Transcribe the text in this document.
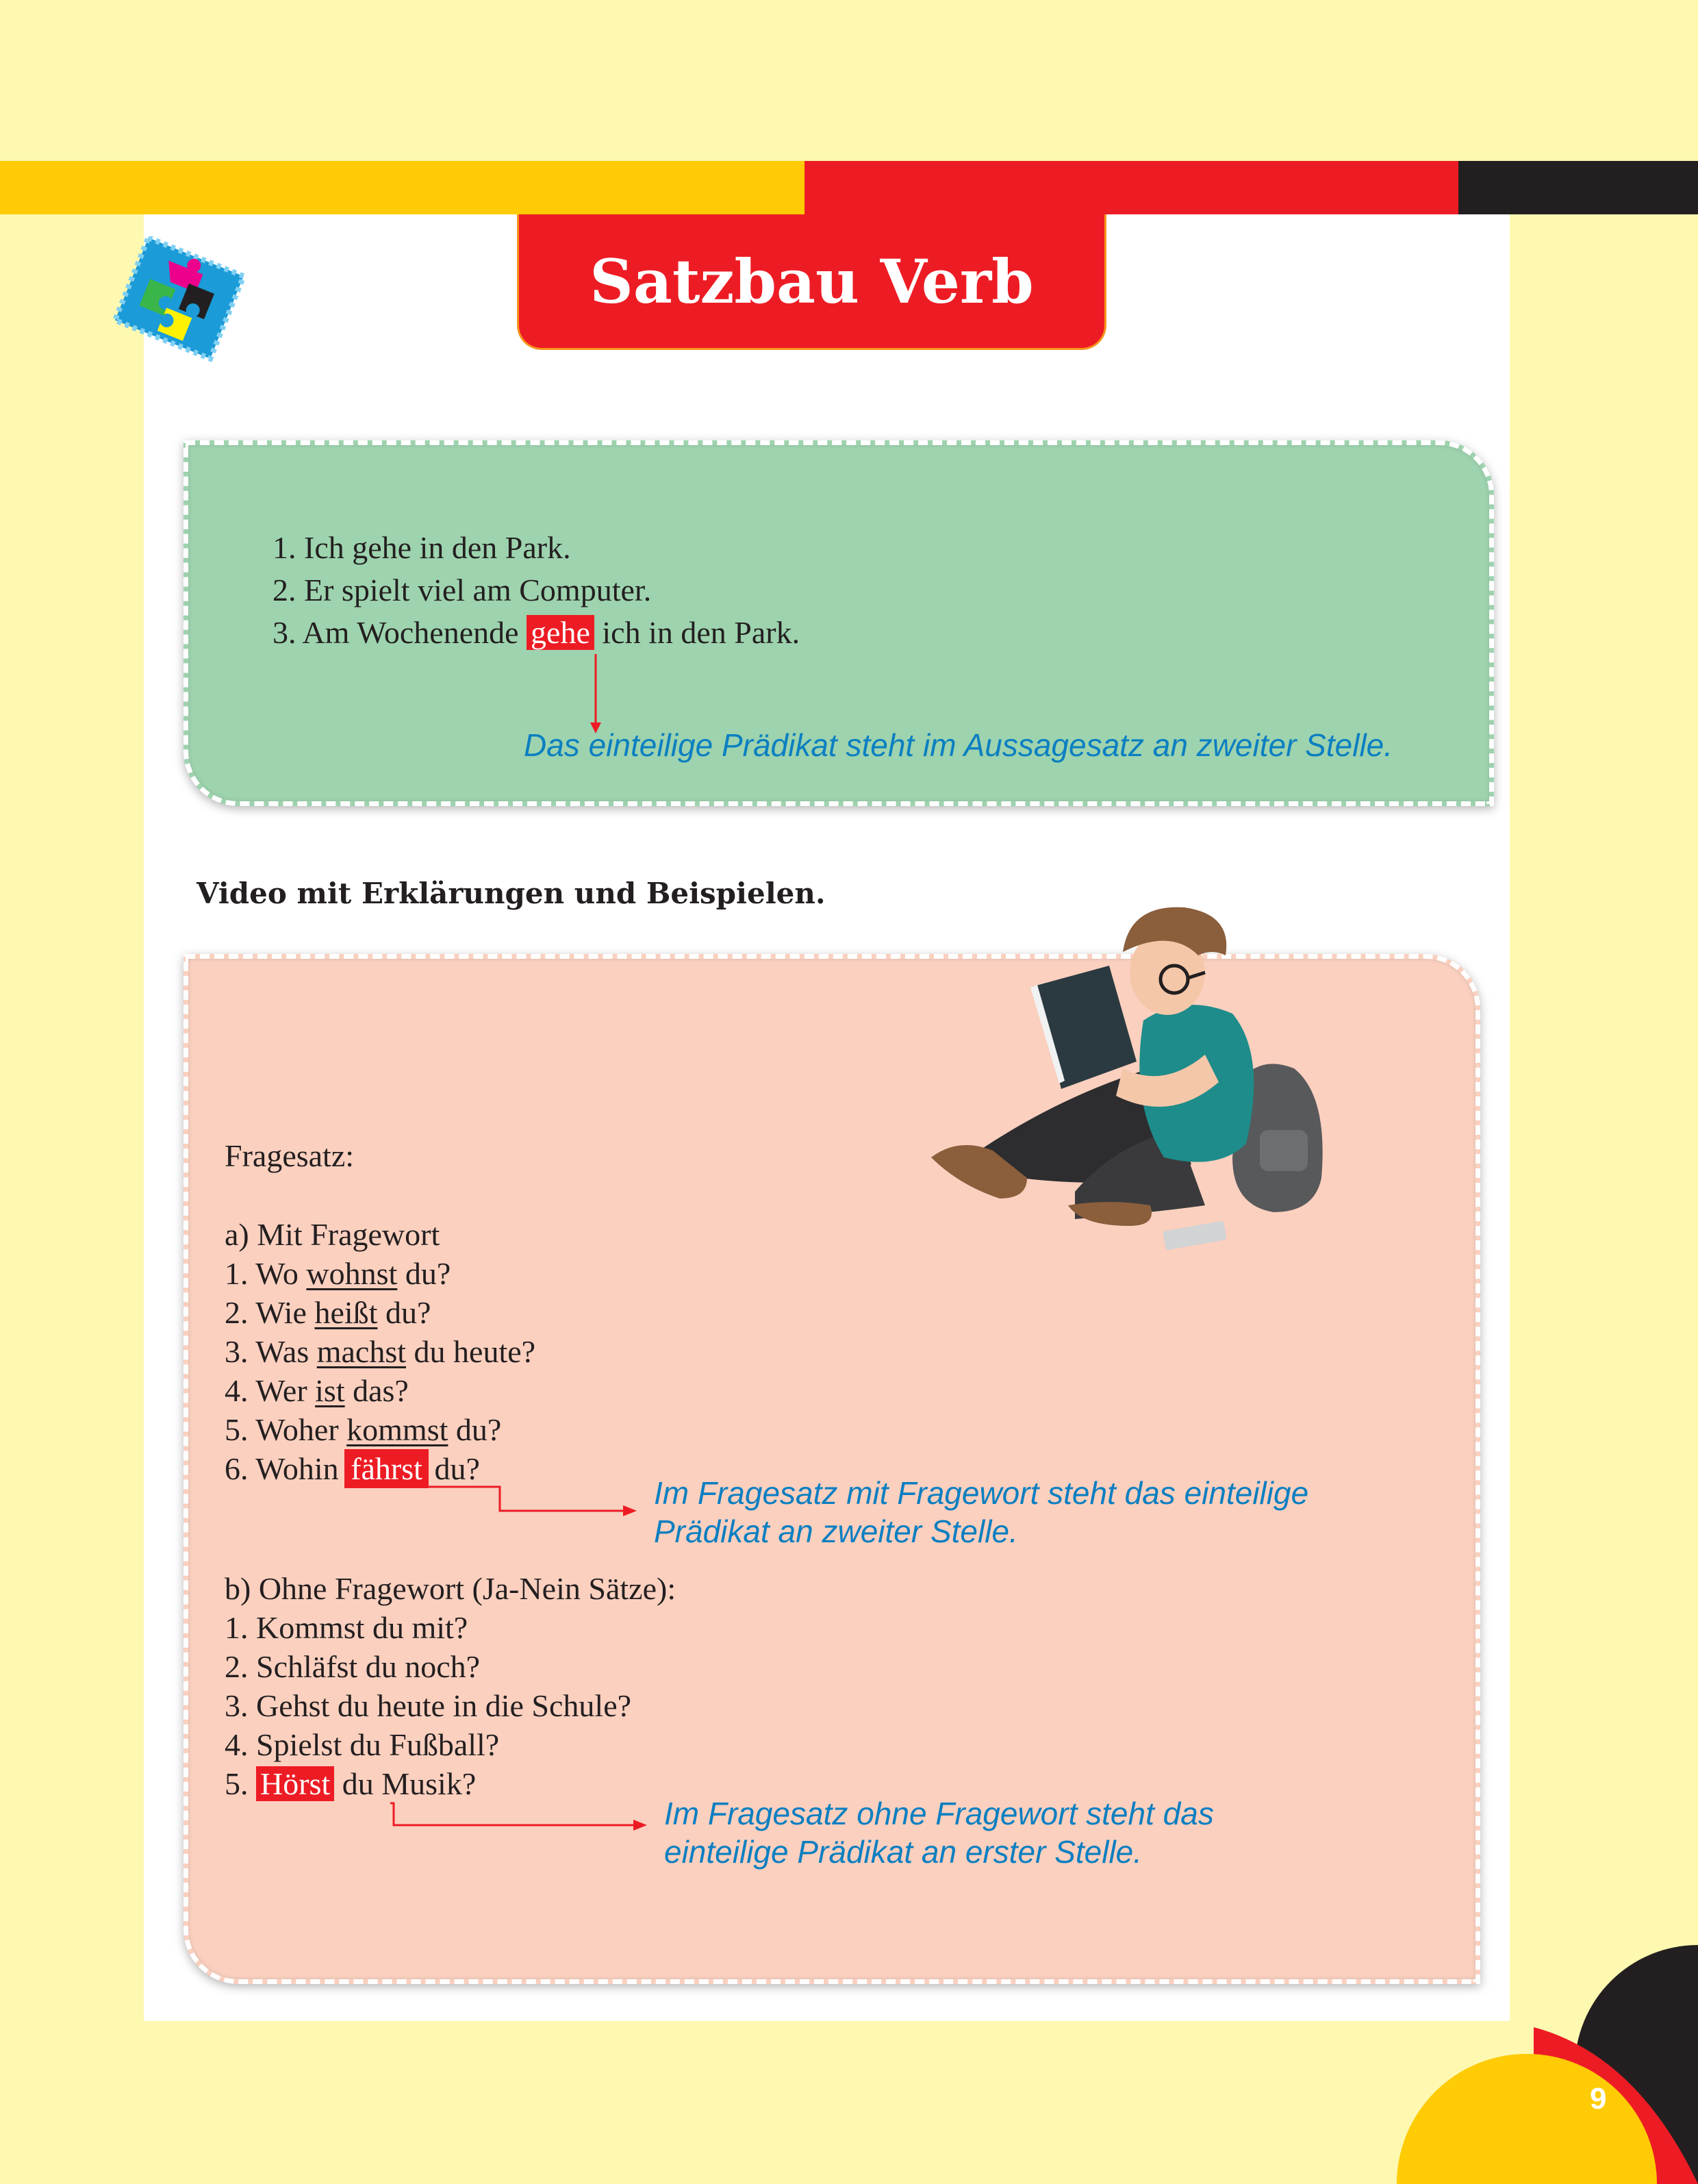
Satzbau Verb
1. Ich gehe in den Park.
2. Er spielt viel am Computer.
3. Am Wochenende gehe ich in den Park.
Das einteilige Prädikat steht im Aussagesatz an zweiter Stelle.
Video mit Erklärungen und Beispielen.
Fragesatz:
a) Mit Fragewort
1. Wo wohnst du?
2. Wie heißt du?
3. Was machst du heute?
4. Wer ist das?
5. Woher kommst du?
6. Wohin fährst du?
Im Fragesatz mit Fragewort steht das einteilige
Prädikat an zweiter Stelle.
b) Ohne Fragewort (Ja-Nein Sätze):
1. Kommst du mit?
2. Schläfst du noch?
3. Gehst du heute in die Schule?
4. Spielst du Fußball?
5. Hörst du Musik?
Im Fragesatz ohne Fragewort steht das
einteilige Prädikat an erster Stelle.
9
